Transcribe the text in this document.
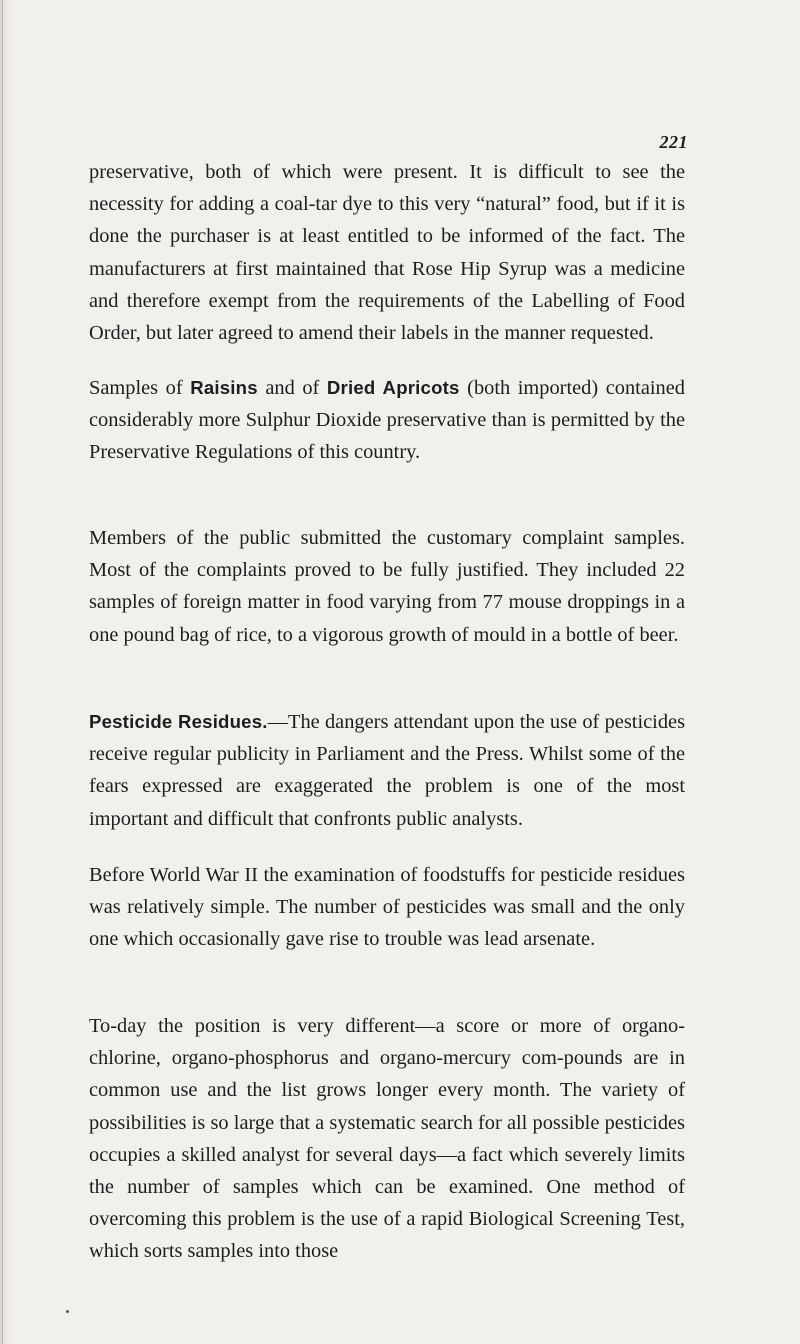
221

preservative, both of which were present. It is difficult to see the necessity for adding a coal-tar dye to this very “natural” food, but if it is done the purchaser is at least entitled to be informed of the fact. The manufacturers at first maintained that Rose Hip Syrup was a medicine and therefore exempt from the requirements of the Labelling of Food Order, but later agreed to amend their labels in the manner requested.

Samples of Raisins and of Dried Apricots (both imported) contained considerably more Sulphur Dioxide preservative than is permitted by the Preservative Regulations of this country.

Members of the public submitted the customary complaint samples. Most of the complaints proved to be fully justified. They included 22 samples of foreign matter in food varying from 77 mouse droppings in a one pound bag of rice, to a vigorous growth of mould in a bottle of beer.

Pesticide Residues.—The dangers attendant upon the use of pesticides receive regular publicity in Parliament and the Press. Whilst some of the fears expressed are exaggerated the problem is one of the most important and difficult that confronts public analysts.

Before World War II the examination of foodstuffs for pesticide residues was relatively simple. The number of pesticides was small and the only one which occasionally gave rise to trouble was lead arsenate.

To-day the position is very different—a score or more of organo-chlorine, organo-phosphorus and organo-mercury com-pounds are in common use and the list grows longer every month. The variety of possibilities is so large that a systematic search for all possible pesticides occupies a skilled analyst for several days—a fact which severely limits the number of samples which can be examined. One method of overcoming this problem is the use of a rapid Biological Screening Test, which sorts samples into those
